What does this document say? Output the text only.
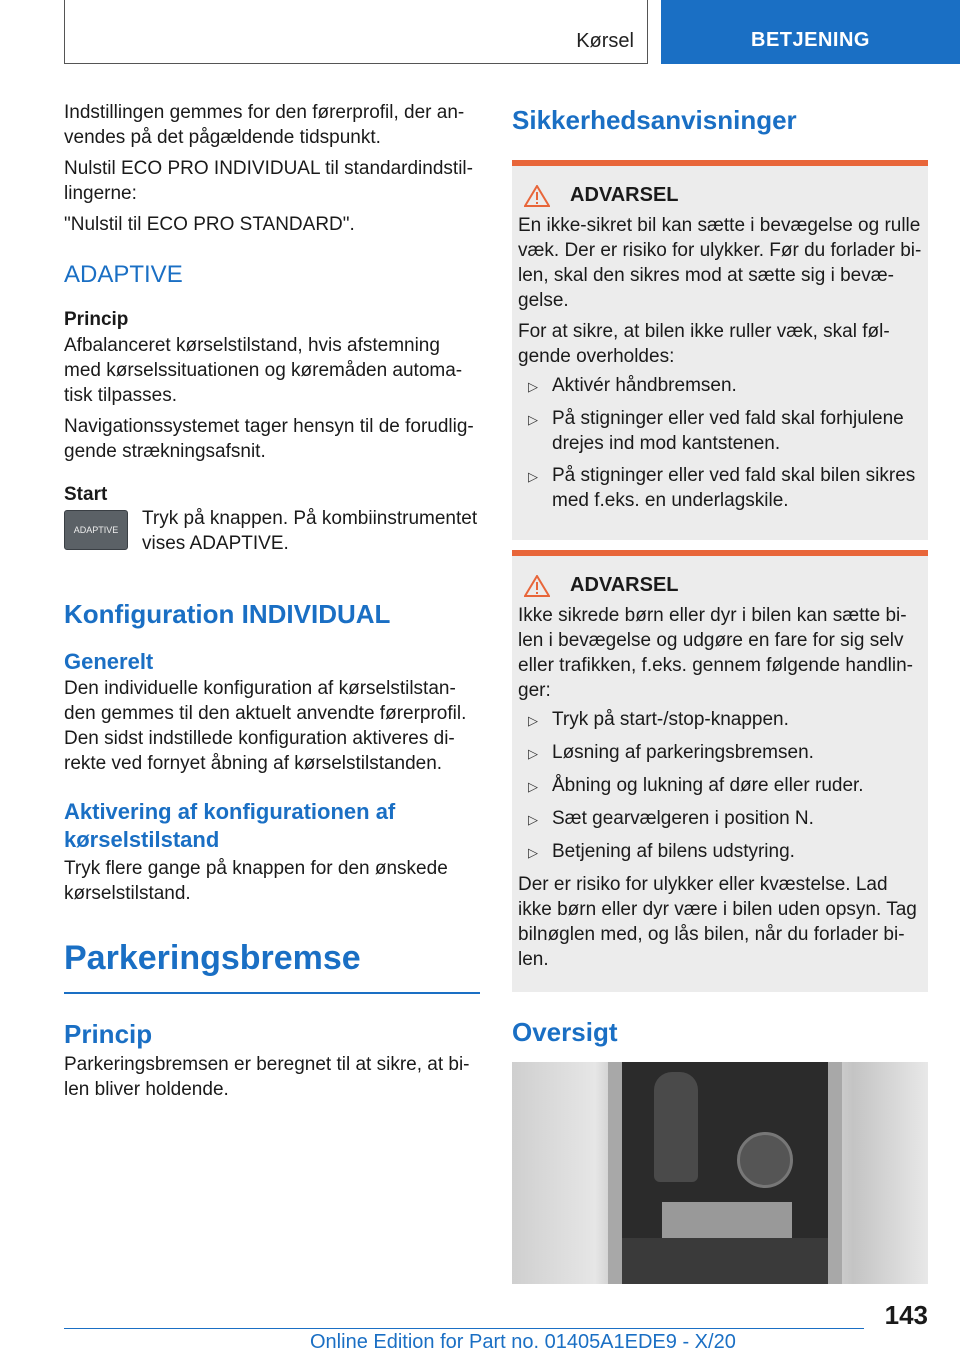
Kørsel	BETJENING

Indstillingen gemmes for den førerprofil, der an-vendes på det pågældende tidspunkt.

Nulstil ECO PRO INDIVIDUAL til standardindstil-lingerne:

"Nulstil til ECO PRO STANDARD".

ADAPTIVE
Princip

Afbalanceret kørselstilstand, hvis afstemning med kørselssituationen og køremåden automa-tisk tilpasses.

Navigationssystemet tager hensyn til de forudlig-gende strækningsafsnit.

Start
ADAPTIVE

Tryk på knappen. På kombiinstrumentet vises ADAPTIVE.

Konfiguration INDIVIDUAL
Generelt

Den individuelle konfiguration af kørselstilstan-den gemmes til den aktuelt anvendte førerprofil. Den sidst indstillede konfiguration aktiveres di-rekte ved fornyet åbning af kørselstilstanden.

Aktivering af konfigurationen af kørselstilstand

Tryk flere gange på knappen for den ønskede kørselstilstand.

Parkeringsbremse
Princip

Parkeringsbremsen er beregnet til at sikre, at bi-len bliver holdende.

Sikkerhedsanvisninger
ADVARSEL

En ikke-sikret bil kan sætte i bevægelse og rulle væk. Der er risiko for ulykker. Før du forlader bi-len, skal den sikres mod at sætte sig i bevæ-gelse.

For at sikre, at bilen ikke ruller væk, skal føl-gende overholdes:

▷ Aktivér håndbremsen.
▷ På stigninger eller ved fald skal forhjulene drejes ind mod kantstenen.
▷ På stigninger eller ved fald skal bilen sikres med f.eks. en underlagskile.
ADVARSEL

Ikke sikrede børn eller dyr i bilen kan sætte bi-len i bevægelse og udgøre en fare for sig selv eller trafikken, f.eks. gennem følgende handlin-ger:

▷ Tryk på start-/stop-knappen.
▷ Løsning af parkeringsbremsen.
▷ Åbning og lukning af døre eller ruder.
▷ Sæt gearvælgeren i position N.
▷ Betjening af bilens udstyring.

Der er risiko for ulykker eller kvæstelse. Lad ikke børn eller dyr være i bilen uden opsyn. Tag bilnøglen med, og lås bilen, når du forlader bi-len.

Oversigt
143
Online Edition for Part no. 01405A1EDE9 - X/20
